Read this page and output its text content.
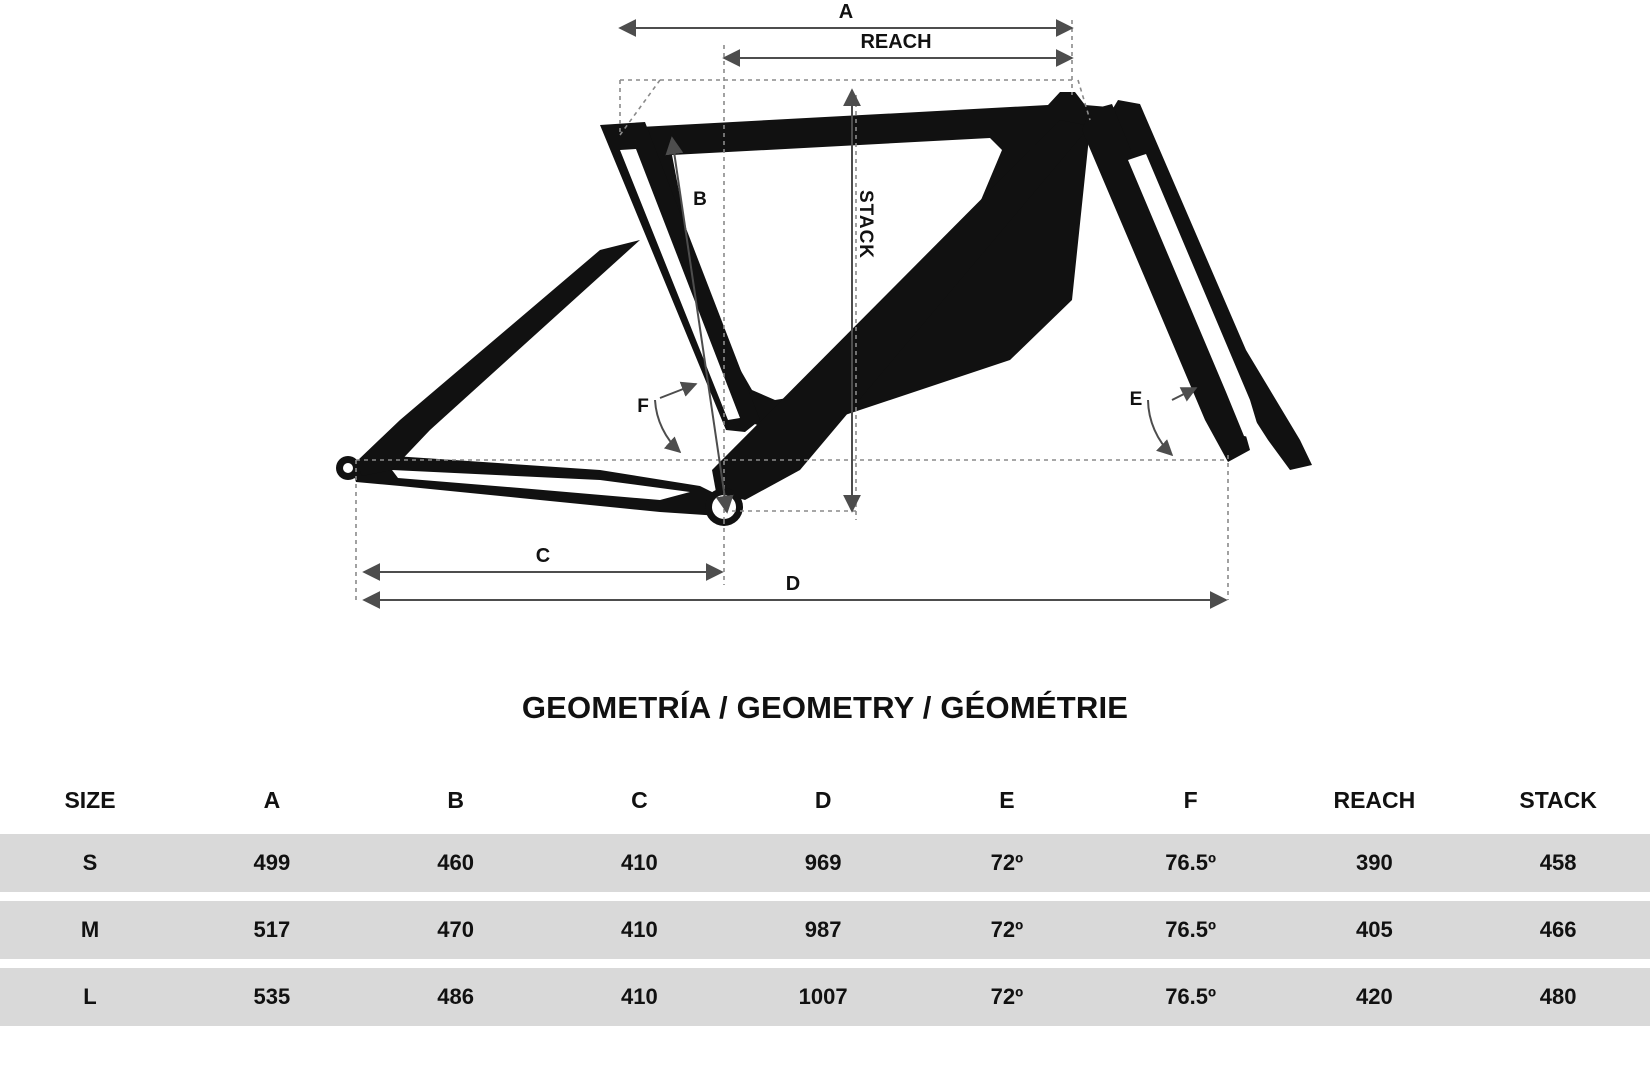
A
REACH
B	STACK
C
D
E
F
GEOMETRÍA / GEOMETRY / GÉOMÉTRIE
SIZE	A	B	C	D	E	F	REACH	STACK
S	499	460	410	969	72º	76.5º	390	458

M	517	470	410	987	72º	76.5º	405	466

L	535	486	410	1007	72º	76.5º	420	480
